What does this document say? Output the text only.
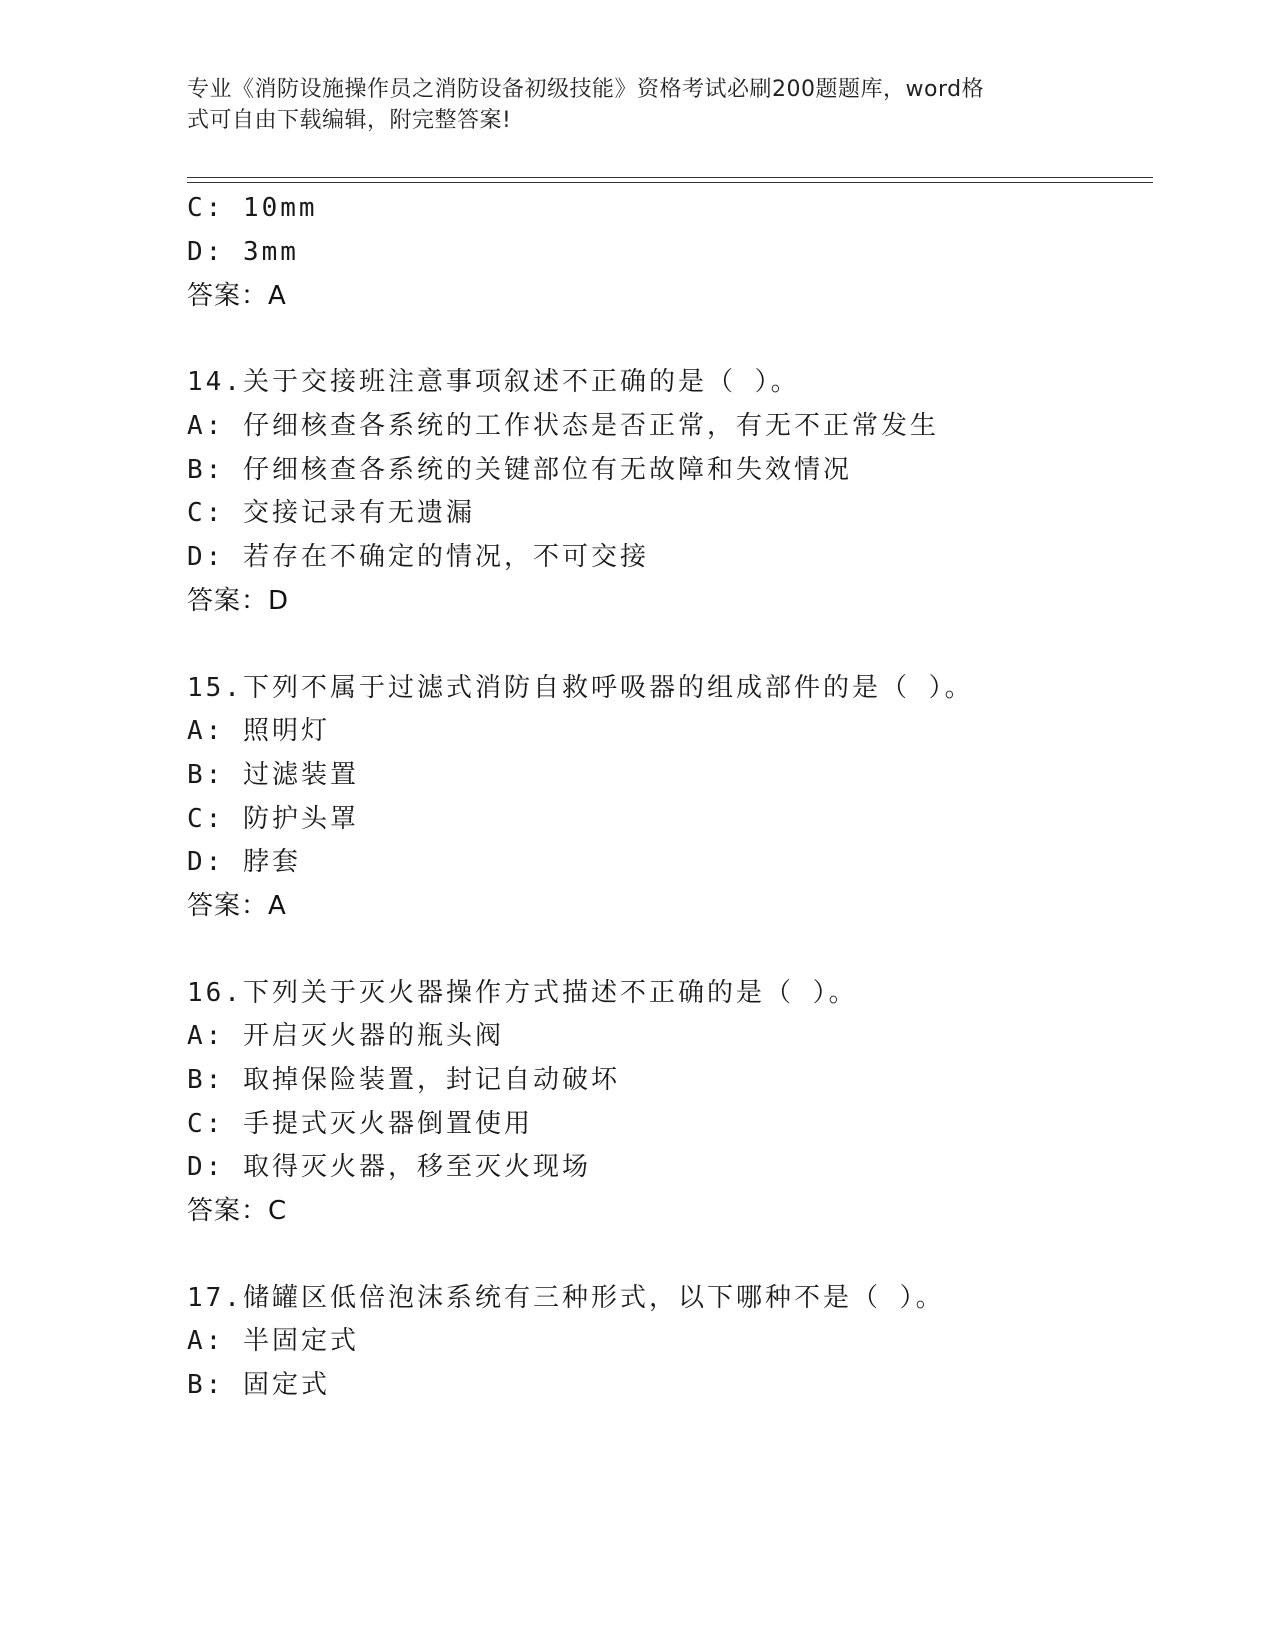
专业《消防设施操作员之消防设备初级技能》资格考试必刷200题题库，word格
式可自由下载编辑，附完整答案!
C: 10mm
D: 3mm
答案：A
14.关于交接班注意事项叙述不正确的是（ ）。
A: 仔细核查各系统的工作状态是否正常，有无不正常发生
B: 仔细核查各系统的关键部位有无故障和失效情况
C: 交接记录有无遗漏
D: 若存在不确定的情况，不可交接
答案：D
15.下列不属于过滤式消防自救呼吸器的组成部件的是（ ）。
A: 照明灯
B: 过滤装置
C: 防护头罩
D: 脖套
答案：A
16.下列关于灭火器操作方式描述不正确的是（ ）。
A: 开启灭火器的瓶头阀
B: 取掉保险装置，封记自动破坏
C: 手提式灭火器倒置使用
D: 取得灭火器，移至灭火现场
答案：C
17.储罐区低倍泡沫系统有三种形式，以下哪种不是（ ）。
A: 半固定式
B: 固定式
